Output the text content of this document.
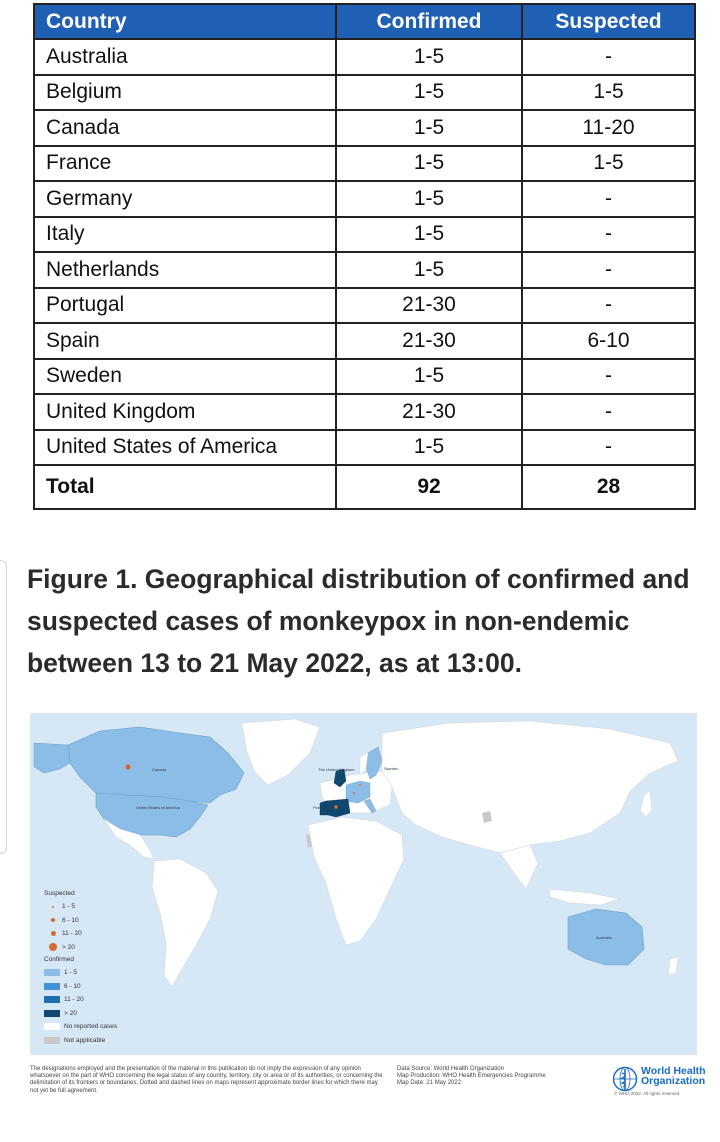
Country	Confirmed	Suspected
Australia	1-5	-
Belgium	1-5	1-5
Canada	1-5	11-20
France	1-5	1-5
Germany	1-5	-
Italy	1-5	-
Netherlands	1-5	-
Portugal	21-30	-
Spain	21-30	6-10
Sweden	1-5	-
United Kingdom	21-30	-
United States of America	1-5	-
Total	92	28
Figure 1. Geographical distribution of confirmed and suspected cases of monkeypox in non-endemic between 13 to 21 May 2022, as at 13:00.
Canada
United States of America
The United Kingdom	Sweden
Portugal
Australia
Suspected
1 - 5
6 - 10
11 - 20
> 20
Confirmed
1 - 5
6 - 10
11 - 20
> 20
No reported cases
Not applicable

The designations employed and the presentation of the material in this publication do not imply the expression of any opinion whatsoever on the part of WHO concerning the legal status of any country, territory, city or area or of its authorities, or concerning the delimitation of its frontiers or boundaries. Dotted and dashed lines on maps represent approximate border lines for which there may not yet be full agreement.

Data Source: World Health Organization
Map Production: WHO Health Emergencies Programme
Map Date: 21 May 2022
World Health
Organization
© WHO 2022. All rights reserved.
